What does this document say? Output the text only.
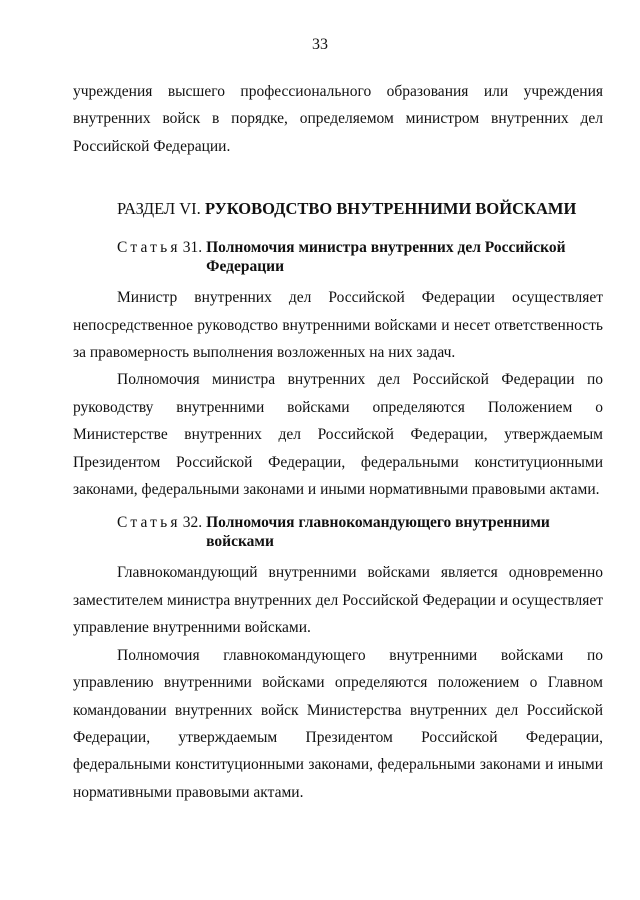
33

учреждения высшего профессионального образования или учреждения внутренних войск в порядке, определяемом министром внутренних дел Российской Федерации.

РАЗДЕЛ VI. РУКОВОДСТВО ВНУТРЕННИМИ ВОЙСКАМИ
Статья 31. Полномочия министра внутренних дел Российской Федерации

Министр внутренних дел Российской Федерации осуществляет непосредственное руководство внутренними войсками и несет ответственность за правомерность выполнения возложенных на них задач.

Полномочия министра внутренних дел Российской Федерации по руководству внутренними войсками определяются Положением о Министерстве внутренних дел Российской Федерации, утверждаемым Президентом Российской Федерации, федеральными конституционными законами, федеральными законами и иными нормативными правовыми актами.

Статья 32. Полномочия главнокомандующего внутренними войсками

Главнокомандующий внутренними войсками является одновременно заместителем министра внутренних дел Российской Федерации и осуществляет управление внутренними войсками.

Полномочия главнокомандующего внутренними войсками по управлению внутренними войсками определяются положением о Главном командовании внутренних войск Министерства внутренних дел Российской Федерации, утверждаемым Президентом Российской Федерации, федеральными конституционными законами, федеральными законами и иными нормативными правовыми актами.
